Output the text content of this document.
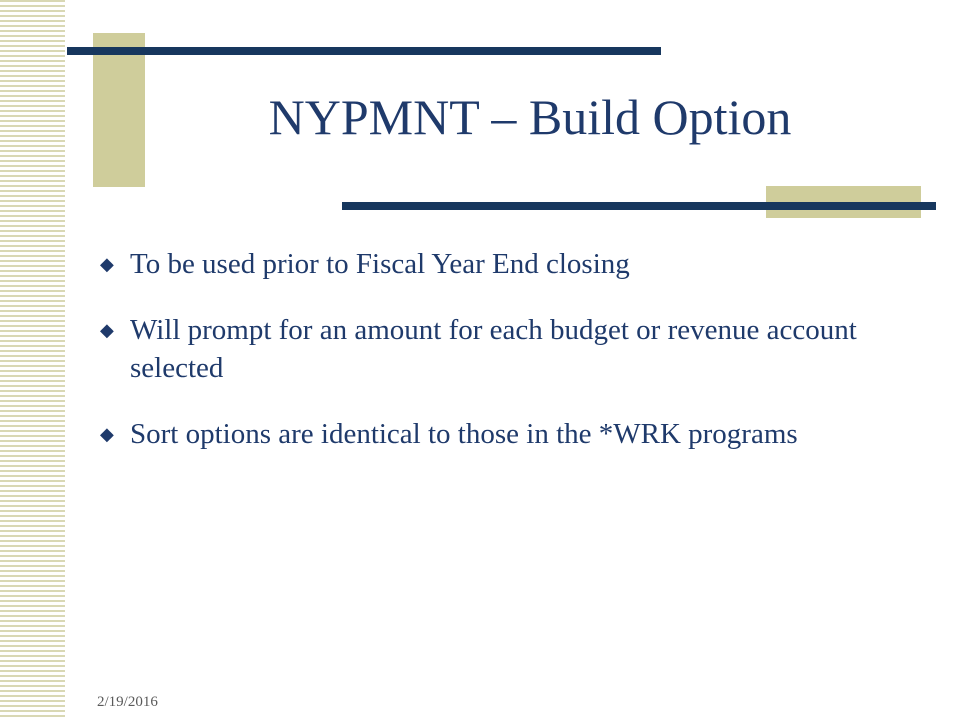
NYPMNT – Build Option
◆ To be used prior to Fiscal Year End closing
◆ Will prompt for an amount for each budget or revenue account selected
◆ Sort options are identical to those in the *WRK programs
2/19/2016
